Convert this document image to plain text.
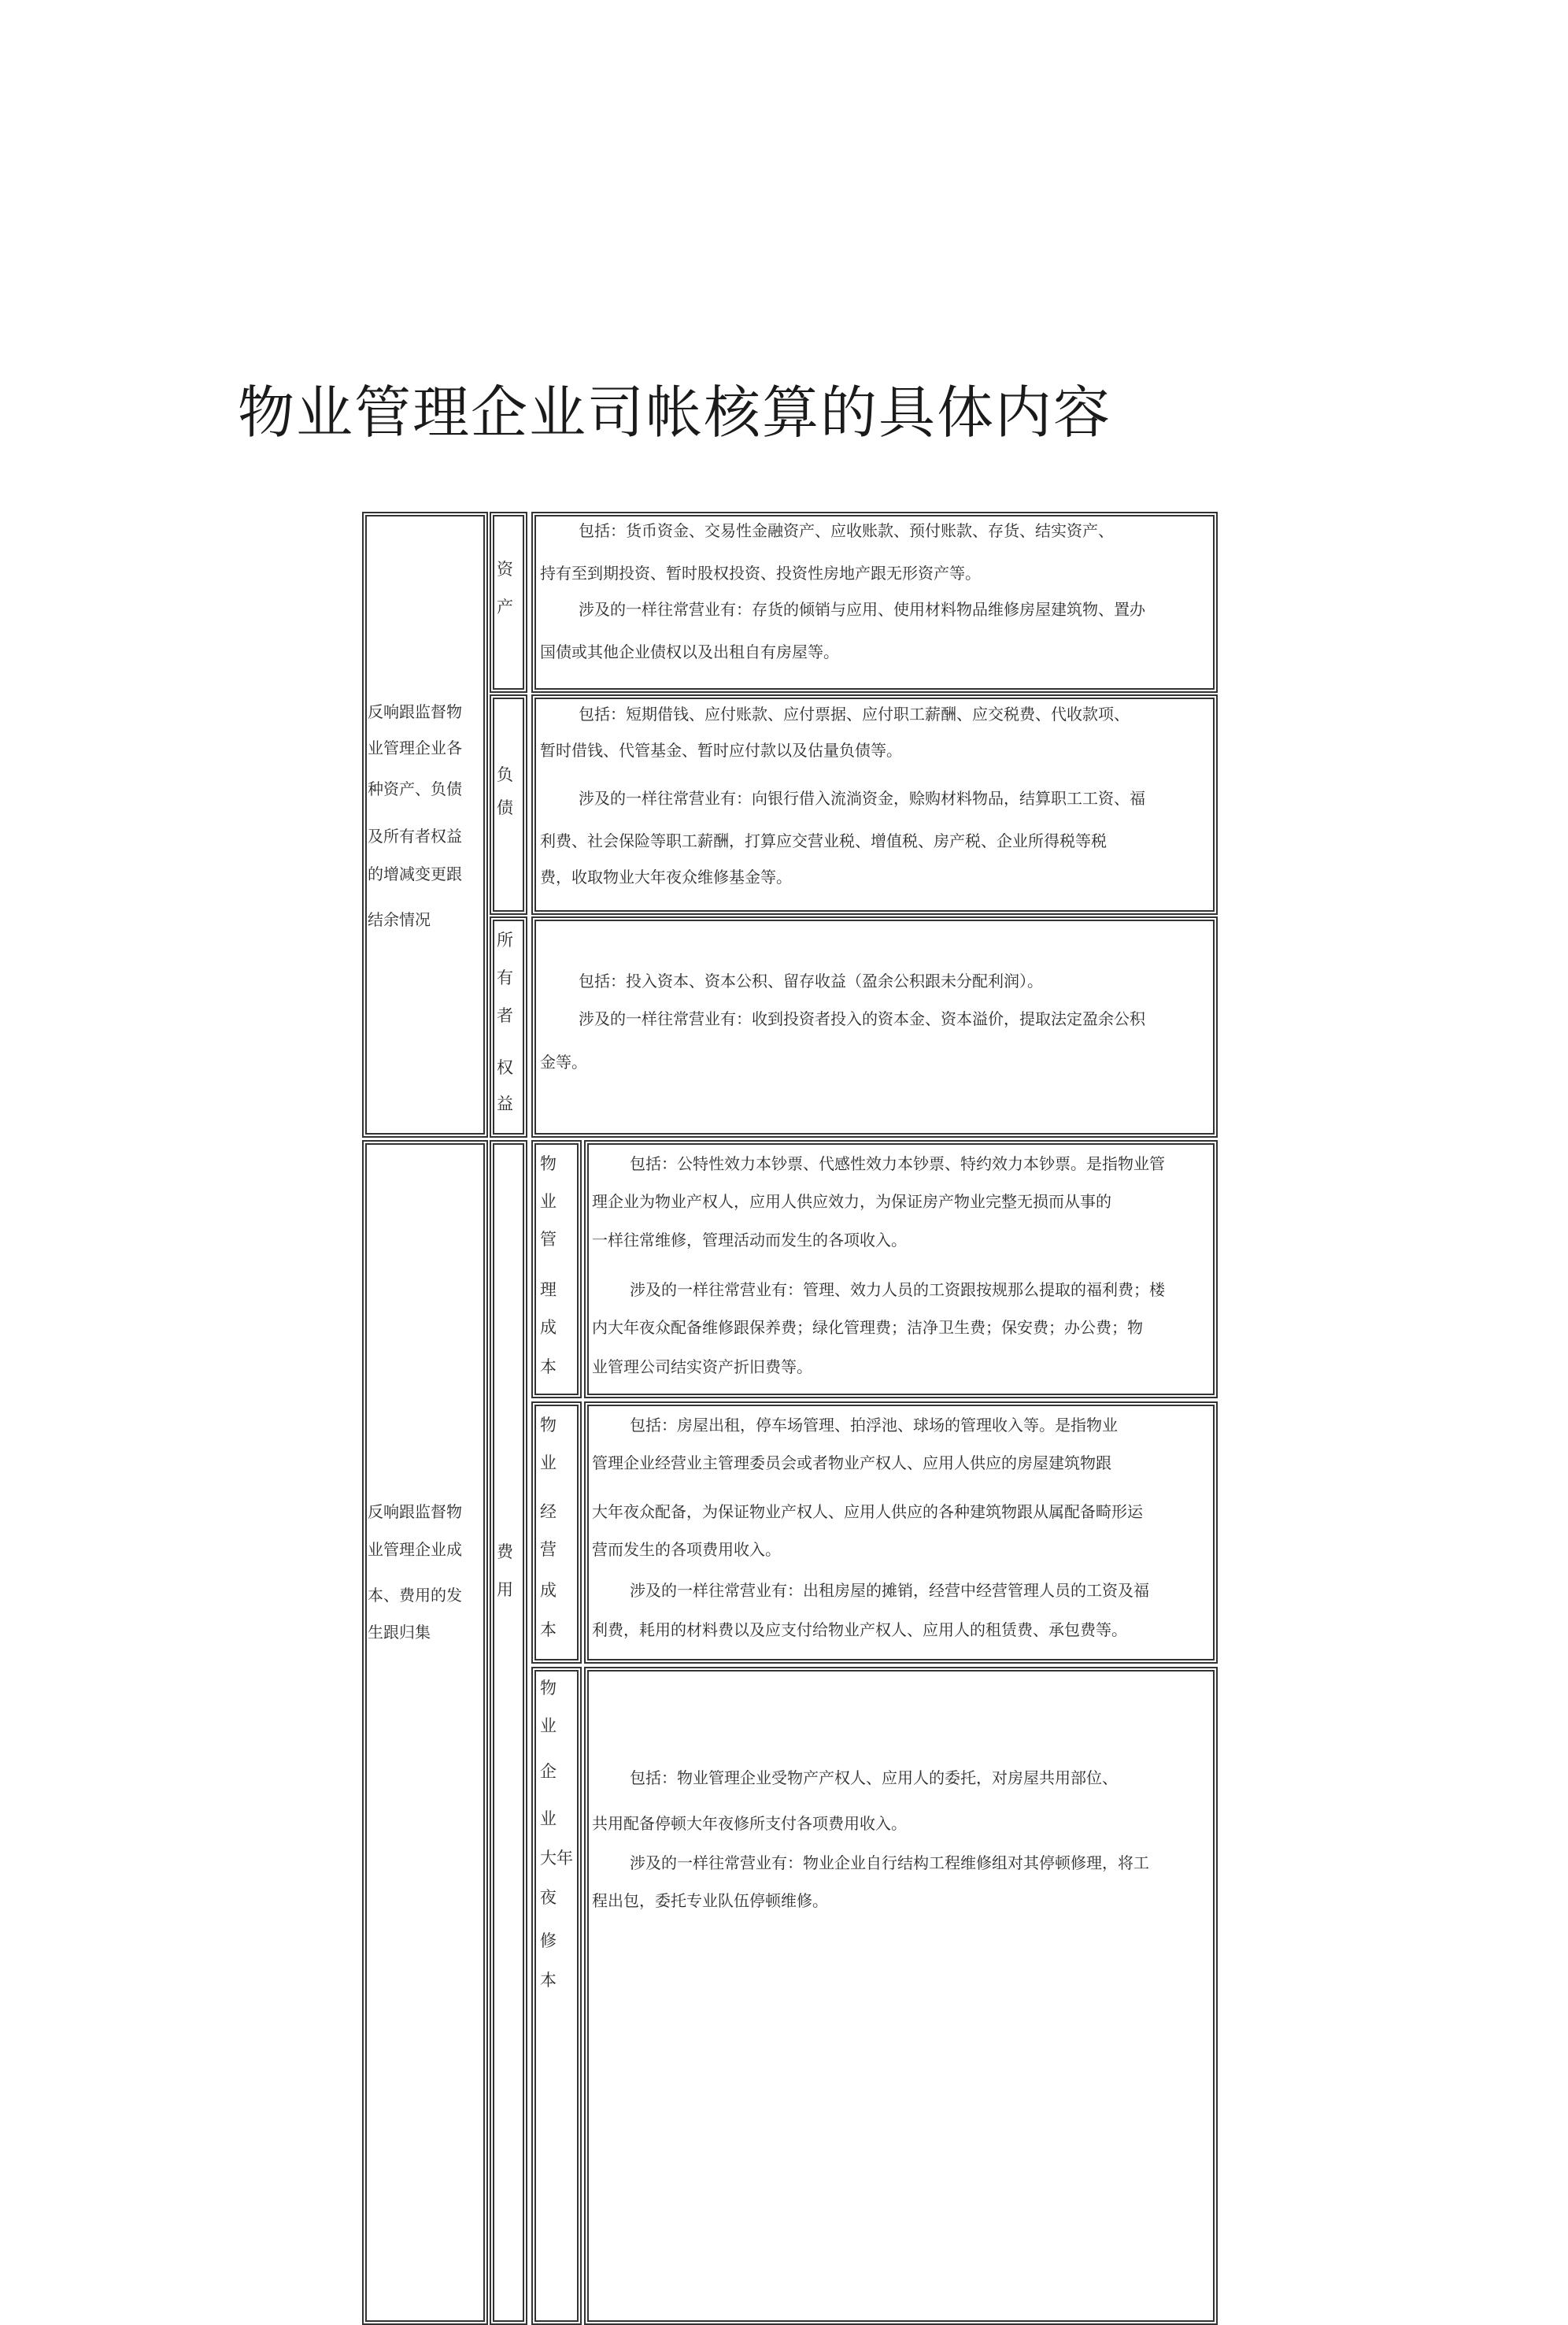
物业管理企业司帐核算的具体内容
反响跟监督物
业管理企业各
种资产、负债
及所有者权益
的增减变更跟
结余情况
资
产
包括：货币资金、交易性金融资产、应收账款、预付账款、存货、结实资产、
持有至到期投资、暂时股权投资、投资性房地产跟无形资产等。
涉及的一样往常营业有：存货的倾销与应用、使用材料物品维修房屋建筑物、置办
国债或其他企业债权以及出租自有房屋等。
负
债
包括：短期借钱、应付账款、应付票据、应付职工薪酬、应交税费、代收款项、
暂时借钱、代管基金、暂时应付款以及估量负债等。
涉及的一样往常营业有：向银行借入流淌资金，赊购材料物品，结算职工工资、福
利费、社会保险等职工薪酬，打算应交营业税、增值税、房产税、企业所得税等税
费，收取物业大年夜众维修基金等。
所
有
者
权
益
包括：投入资本、资本公积、留存收益（盈余公积跟未分配利润）。
涉及的一样往常营业有：收到投资者投入的资本金、资本溢价，提取法定盈余公积
金等。
反响跟监督物
业管理企业成
本、费用的发
生跟归集
费
用
物
业
管
理
成
本
包括：公特性效力本钞票、代感性效力本钞票、特约效力本钞票。是指物业管
理企业为物业产权人，应用人供应效力，为保证房产物业完整无损而从事的
一样往常维修，管理活动而发生的各项收入。
涉及的一样往常营业有：管理、效力人员的工资跟按规那么提取的福利费；楼
内大年夜众配备维修跟保养费；绿化管理费；洁净卫生费；保安费；办公费；物
业管理公司结实资产折旧费等。
物
业
经
营
成
本
包括：房屋出租，停车场管理、拍浮池、球场的管理收入等。是指物业
管理企业经营业主管理委员会或者物业产权人、应用人供应的房屋建筑物跟
大年夜众配备，为保证物业产权人、应用人供应的各种建筑物跟从属配备畸形运
营而发生的各项费用收入。
涉及的一样往常营业有：出租房屋的摊销，经营中经营管理人员的工资及福
利费，耗用的材料费以及应支付给物业产权人、应用人的租赁费、承包费等。
物
业
企
业
大年
夜
修
本
包括：物业管理企业受物产产权人、应用人的委托，对房屋共用部位、
共用配备停顿大年夜修所支付各项费用收入。
涉及的一样往常营业有：物业企业自行结构工程维修组对其停顿修理，将工
程出包，委托专业队伍停顿维修。
